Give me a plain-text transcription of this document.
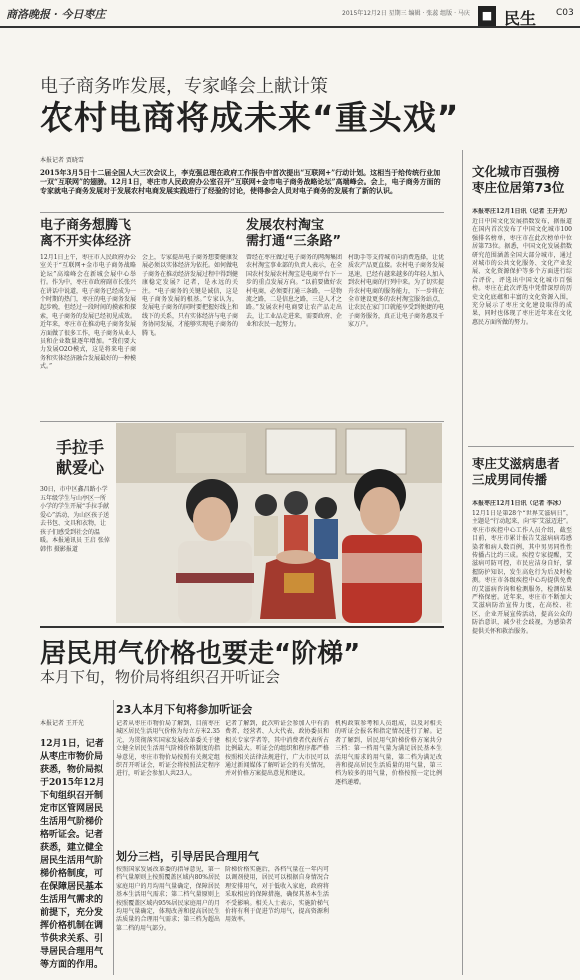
商洛晚报 · 今日枣庄	2015年12月2日 星期三 编辑 · 张蕊 组版 · 马庆	■ 民生 C03
电子商务咋发展，专家峰会上献计策
农村电商将成未来“重头戏”
本报记者 贾晓雪
2015年3月5日十二届全国人大三次会议上，李克强总理在政府工作报告中首次提出“互联网+”行动计划。这相当于给传统行业加一双“互联网”的翅膀。12月1日，枣庄市人民政府办公室召开“互联网+金市电子商务战略论坛”高端峰会。会上，电子商务方面的专家就电子商务发展对于发展农村电商发展实践进行了经验的讨论，使得参会人员对电子商务的发展有了新的认识。
电子商务想腾飞
离不开实体经济
发展农村淘宝
需打通“三条路”
12月1日上午，枣庄市人民政府办公室关于“互联网+金市电子商务战略论坛”高端峰会在新城会展中心举行。作为中，枣庄市政府副市长张兴在讲话中说道，电子商务已经成为一个时期的热门，枣庄的电子商务发展起步晚，但经过一段时间的摸索和探索，电子商务的发展已经初见成效。近年来，枣庄市在推动电子商务发展方面做了很多工作，电子商务从业人员和企业数量逐年增加。“我们要大力发展O2O模式，这是将来电子商务和实体经济融合发展最好的一种模式。”
会上，专家提出电子商务想要健康发展必须以实体经济为依托。如何做电子商务在推动经济发展过程中得到健康稳定发展？记者，是永远的关注。“电子商务的关键是诚信，这是电子商务发展的根基。”专家认为，发展电子商务的同时要把握好线上和线下的关系，只有实体经济与电子商务协同发展，才能够实现电子商务的腾飞。
曾经在枣庄做过电子商务的网淘集团农村淘宝事业部的负责人表示，在全国农村发展农村淘宝是电商平台下一步的重点发展方向。“以前要做好农村电商，必须要打通三条路，一是物流之路，二是信息之路，三是人才之路。”发展农村电商要让农产品走出去，让工业品走进来，需要政府、企业和农民一起努力。
村助手等支持城市向消费选择，让优质农产品更直接。农村电子商务发展迅速，已经有越来越多的年轻人加入到农村电商的行列中来。为了切实提升农村电商的服务能力，下一步将在全市建设更多的农村淘宝服务站点，让农民在家门口就能享受到便捷的电子商务服务，真正让电子商务惠及千家万户。
手拉手
献爱心
30日，市中区鑫昌路小学五年级学生与山亭区一所小学的学生开展“手拉手献爱心”活动，为山区孩子送去书包、文具和衣物，让孩子们感受到社会的温暖。本报通讯员 王启 张倬 韩伟 摄影报道
居民用气价格也要走“阶梯”
本月下旬，物价局将组织召开听证会
本报记者 王开光
12月1日，记者从枣庄市物价局获悉，物价局拟于2015年12月下旬组织召开制定市区管网居民生活用气阶梯价格听证会。记者获悉，建立健全居民生活用气阶梯价格制度，可在保障居民基本生活用气需求的前提下，充分发挥价格机制在调节供求关系、引导居民合理用气等方面的作用。
23人本月下旬将参加听证会
记者从枣庄市物价局了解到，目前枣庄城区居民生活用气价格为每立方米2.35元，为贯彻落实国家发展改革委关于建立健全居民生活用气阶梯价格制度的指导意见，枣庄市物价局按照有关规定组织召开听证会，听证会将按照法定程序进行，听证会参加人共23人。
记者了解到，此次听证会参加人中有消费者、经营者、人大代表、政协委员和相关专家学者等，其中消费者代表所占比例最大。听证会的组织和程序都严格按照相关法律法规进行，广大市民可以通过新闻媒体了解听证会的有关情况，并对价格方案提出意见和建议。
机构政策参考和人员组成，以及对相关的听证会报名和指定情况进行了解。记者了解到，居民用气阶梯价格方案共分三档：第一档用气量为满足居民基本生活用气需求的用气量，第二档为满足改善和提高居民生活质量的用气量，第三档为较多的用气量，价格按照一定比例逐档递增。
划分三档，引导居民合理用气
按照国家发展改革委的指导意见，第一档气量原则上按照覆盖区域内80%居民家庭用户的月均用气量确定，保障居民基本生活用气需求；第二档气量原则上按照覆盖区域内95%居民家庭用户的月均用气量确定，体现改善和提高居民生活质量的合理用气需求；第三档为超出第二档的用气部分。
阶梯价格实施后，各档气量在一年内可以调剂使用，居民可以根据自身情况合理安排用气，对于低收入家庭，政府将采取相应的保障措施，确保其基本生活不受影响。相关人士表示，实施阶梯气价将有利于促进节约用气，提高资源利用效率。
文化城市百强榜
枣庄位居第73位
本报枣庄12月1日讯（记者 王开光）
近日中国文化发展指数发布，据报道在国内首次发布了中国文化城市100强排名榜单，枣庄市在此次榜单中位居第73位。据悉，中国文化发展指数研究范围涵盖全国大部分城市，通过对城市的公共文化服务、文化产业发展、文化资源保护等多个方面进行综合评价，评选出中国文化城市百强榜。枣庄在此次评选中凭借深厚的历史文化底蕴和丰富的文化资源入围，充分展示了枣庄文化建设取得的成果，同时也体现了枣庄近年来在文化惠民方面所做的努力。
枣庄艾滋病患者
三成男同传播
本报枣庄12月1日讯（记者 李冰）
12月1日是第28个“世界艾滋病日”，主题是“行动起来，向‘零’艾滋迈进”。枣庄市疾控中心工作人员介绍，截至目前，枣庄市累计报告艾滋病病毒感染者和病人数百例，其中男男同性性传播占比约三成。疾控专家提醒，艾滋病可防可控，市民应洁身自好，掌握防护知识，发生高危行为后及时检测。枣庄市各级疾控中心均提供免费的艾滋病咨询和检测服务，检测结果严格保密。近年来，枣庄市不断加大艾滋病防治宣传力度，在高校、社区、企业开展宣传活动，提高公众的防治意识，减少社会歧视，为感染者提供关怀和救治服务。
